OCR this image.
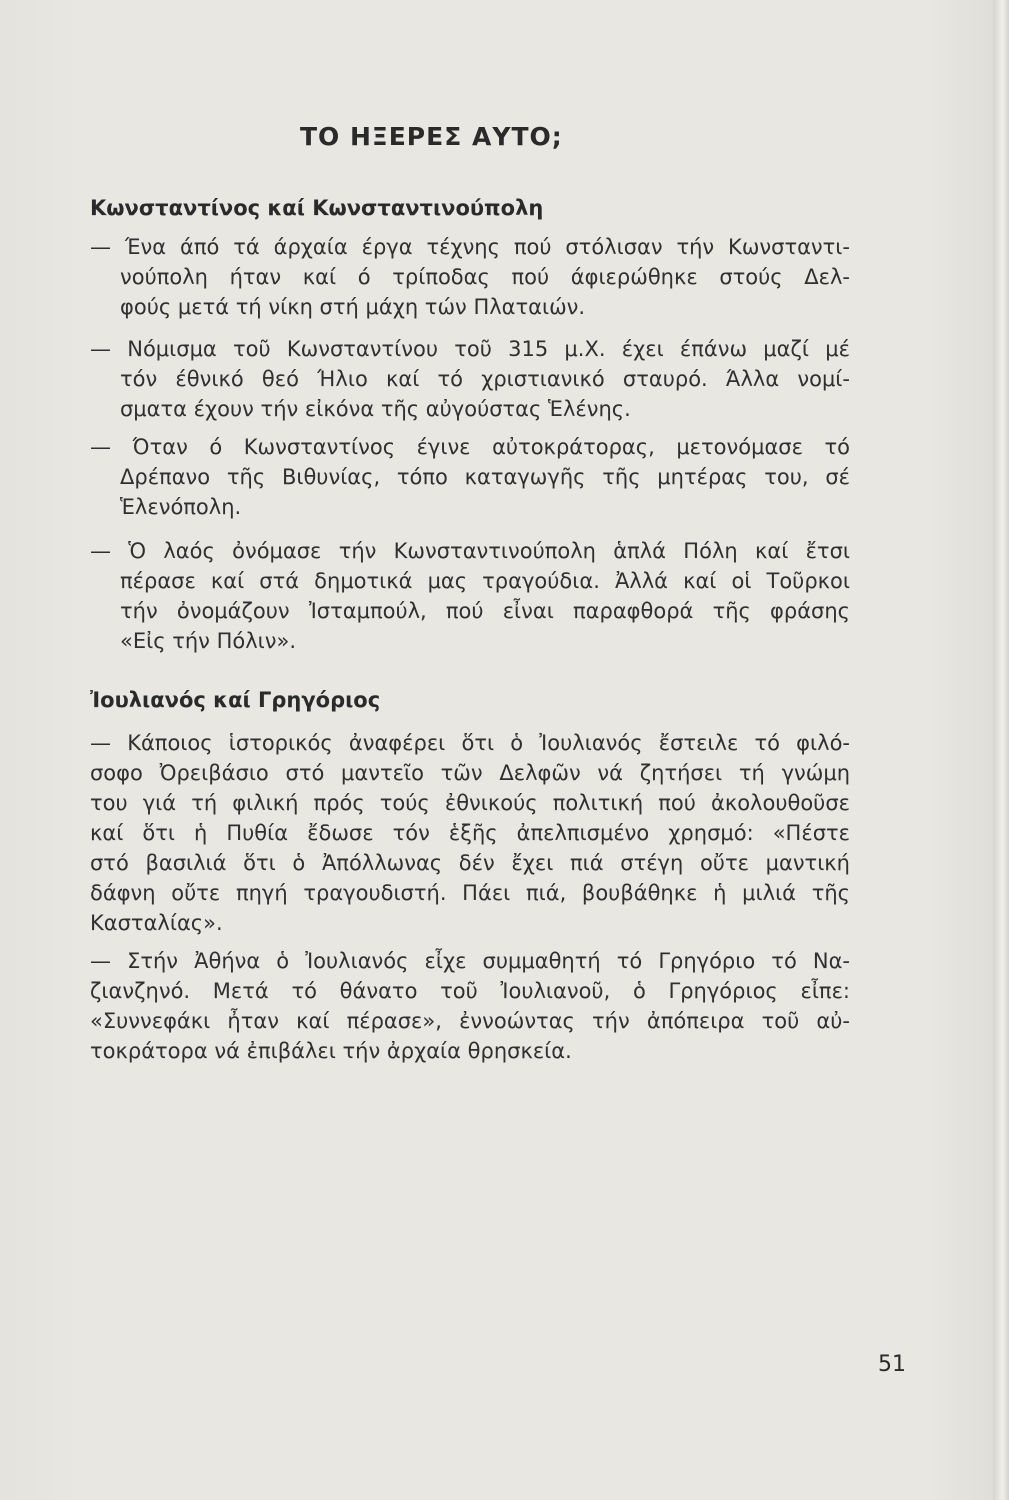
ΤΟ ΗΞΕΡΕΣ ΑΥΤΟ;
Κωνσταντίνος καί Κωνσταντινούπολη
— Ένα άπό τά άρχαία έργα τέχνης πού στόλισαν τήν Κωνσταντι-
νούπολη ήταν καί ό τρίποδας πού άφιερώθηκε στούς Δελ-
φούς μετά τή νίκη στή μάχη τών Πλαταιών.
— Νόμισμα τοῦ Κωνσταντίνου τοῦ 315 μ.Χ. έχει έπάνω μαζί μέ
τόν έθνικό θεό Ήλιο καί τό χριστιανικό σταυρό. Άλλα νομί-
σματα έχουν τήν εἰκόνα τῆς αὐγούστας Ἑλένης.
— Όταν ό Κωνσταντίνος έγινε αὐτοκράτορας, μετονόμασε τό
Δρέπανο τῆς Βιθυνίας, τόπο καταγωγῆς τῆς μητέρας του, σέ
Ἑλενόπολη.
— Ὁ λαός ὀνόμασε τήν Κωνσταντινούπολη ἁπλά Πόλη καί ἔτσι
πέρασε καί στά δημοτικά μας τραγούδια. Ἀλλά καί οἱ Τοῦρκοι
τήν ὀνομάζουν Ἰσταμπούλ, πού εἶναι παραφθορά τῆς φράσης
«Εἰς τήν Πόλιν».
Ἰουλιανός καί Γρηγόριος
— Κάποιος ἱστορικός ἀναφέρει ὅτι ὁ Ἰουλιανός ἔστειλε τό φιλό-
σοφο Ὀρειβάσιο στό μαντεῖο τῶν Δελφῶν νά ζητήσει τή γνώμη
του γιά τή φιλική πρός τούς ἐθνικούς πολιτική πού ἀκολουθοῦσε
καί ὅτι ἡ Πυθία ἔδωσε τόν ἑξῆς ἀπελπισμένο χρησμό: «Πέστε
στό βασιλιά ὅτι ὁ Ἀπόλλωνας δέν ἔχει πιά στέγη οὔτε μαντική
δάφνη οὔτε πηγή τραγουδιστή. Πάει πιά, βουβάθηκε ἡ μιλιά τῆς
Κασταλίας».
— Στήν Ἀθήνα ὁ Ἰουλιανός εἶχε συμμαθητή τό Γρηγόριο τό Να-
ζιανζηνό. Μετά τό θάνατο τοῦ Ἰουλιανοῦ, ὁ Γρηγόριος εἶπε:
«Συννεφάκι ἦταν καί πέρασε», ἐννοώντας τήν ἀπόπειρα τοῦ αὐ-
τοκράτορα νά ἐπιβάλει τήν ἀρχαία θρησκεία.
51
